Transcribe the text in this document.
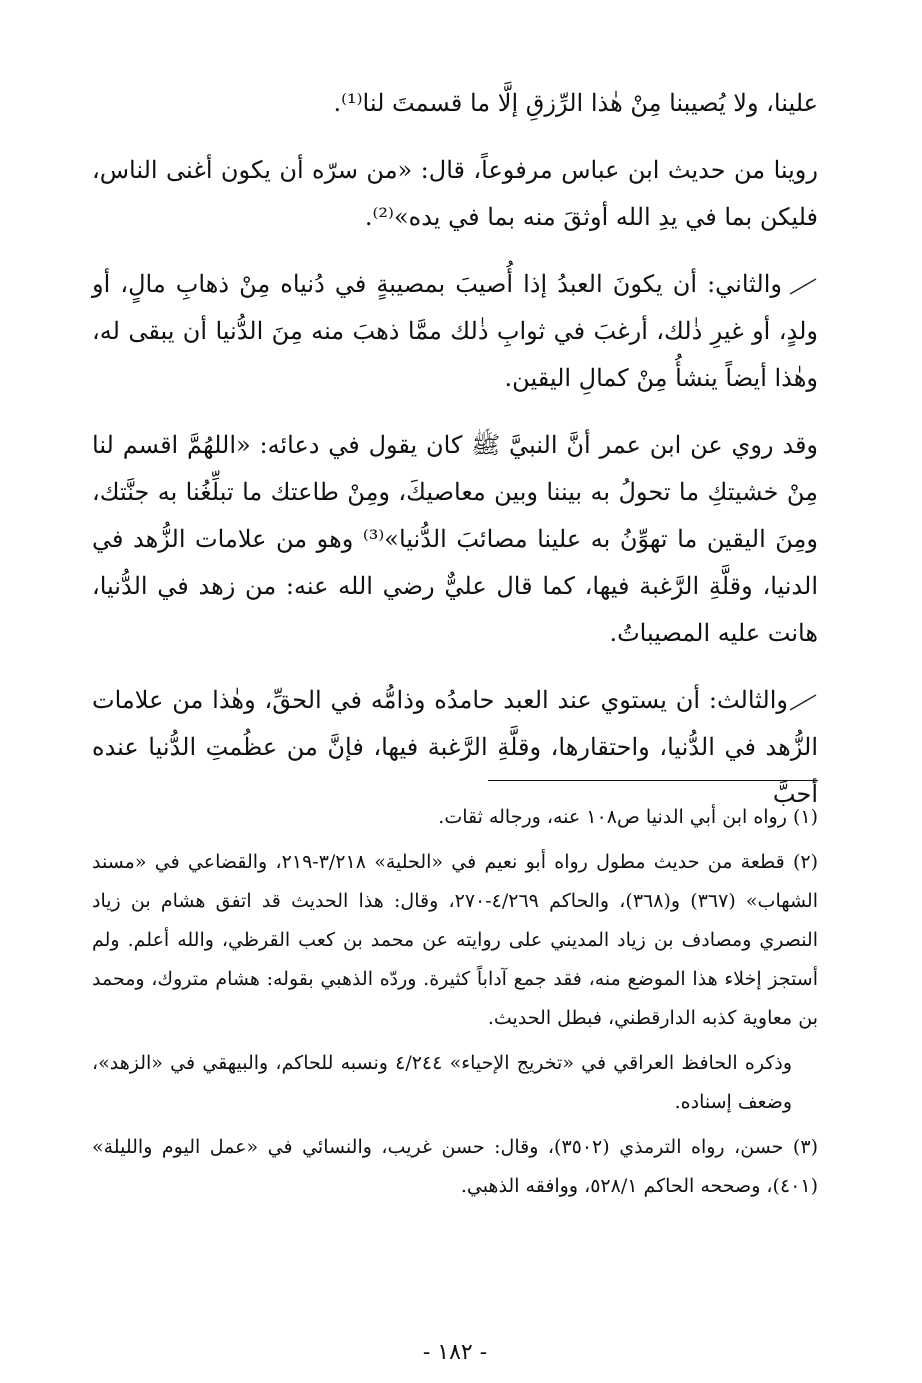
علينا، ولا يُصيبنا مِنْ هٰذا الرِّزقِ إلَّا ما قسمتَ لنا⁽¹⁾.

روينا من حديث ابن عباس مرفوعاً، قال: «من سرّه أن يكون أغنى الناس، فليكن بما في يدِ الله أوثقَ منه بما في يده»⁽²⁾.

والثاني: أن يكونَ العبدُ إذا أُصيبَ بمصيبةٍ في دُنياه مِنْ ذهابِ مالٍ، أو ولدٍ، أو غيرِ ذٰلك، أرغبَ في ثوابِ ذٰلك ممَّا ذهبَ منه مِنَ الدُّنيا أن يبقى له، وهٰذا أيضاً ينشأُ مِنْ كمالِ اليقين.

وقد روي عن ابن عمر أنَّ النبيَّ ﷺ كان يقول في دعائه: «اللهُمَّ اقسم لنا مِنْ خشيتكِ ما تحولُ به بيننا وبين معاصيكَ، ومِنْ طاعتك ما تبلِّغُنا به جنَّتك، ومِنَ اليقين ما تهوِّنُ به علينا مصائبَ الدُّنيا»⁽³⁾ وهو من علامات الزُّهد في الدنيا، وقلَّةِ الرَّغبة فيها، كما قال عليٌّ رضي الله عنه: من زهد في الدُّنيا، هانت عليه المصيباتُ.

والثالث: أن يستوي عند العبد حامدُه وذامُّه في الحقِّ، وهٰذا من علامات الزُّهد في الدُّنيا، واحتقارها، وقلَّةِ الرَّغبة فيها، فإنَّ من عظُمتِ الدُّنيا عنده أحبَّ

(١) رواه ابن أبي الدنيا ص١٠٨ عنه، ورجاله ثقات.

(٢) قطعة من حديث مطول رواه أبو نعيم في «الحلية» ٣/٢١٨-٢١٩، والقضاعي في «مسند الشهاب» (٣٦٧) و(٣٦٨)، والحاكم ٤/٢٦٩-٢٧٠، وقال: هذا الحديث قد اتفق هشام بن زياد النصري ومصادف بن زياد المديني على روايته عن محمد بن كعب القرظي، والله أعلم. ولم أستجز إخلاء هذا الموضع منه، فقد جمع آداباً كثيرة. وردّه الذهبي بقوله: هشام متروك، ومحمد بن معاوية كذبه الدارقطني، فبطل الحديث.

وذكره الحافظ العراقي في «تخريج الإحياء» ٤/٢٤٤ ونسبه للحاكم، والبيهقي في «الزهد»، وضعف إسناده.

(٣) حسن، رواه الترمذي (٣٥٠٢)، وقال: حسن غريب، والنسائي في «عمل اليوم والليلة» (٤٠١)، وصححه الحاكم ٥٢٨/١، ووافقه الذهبي.

- ١٨٢ -
